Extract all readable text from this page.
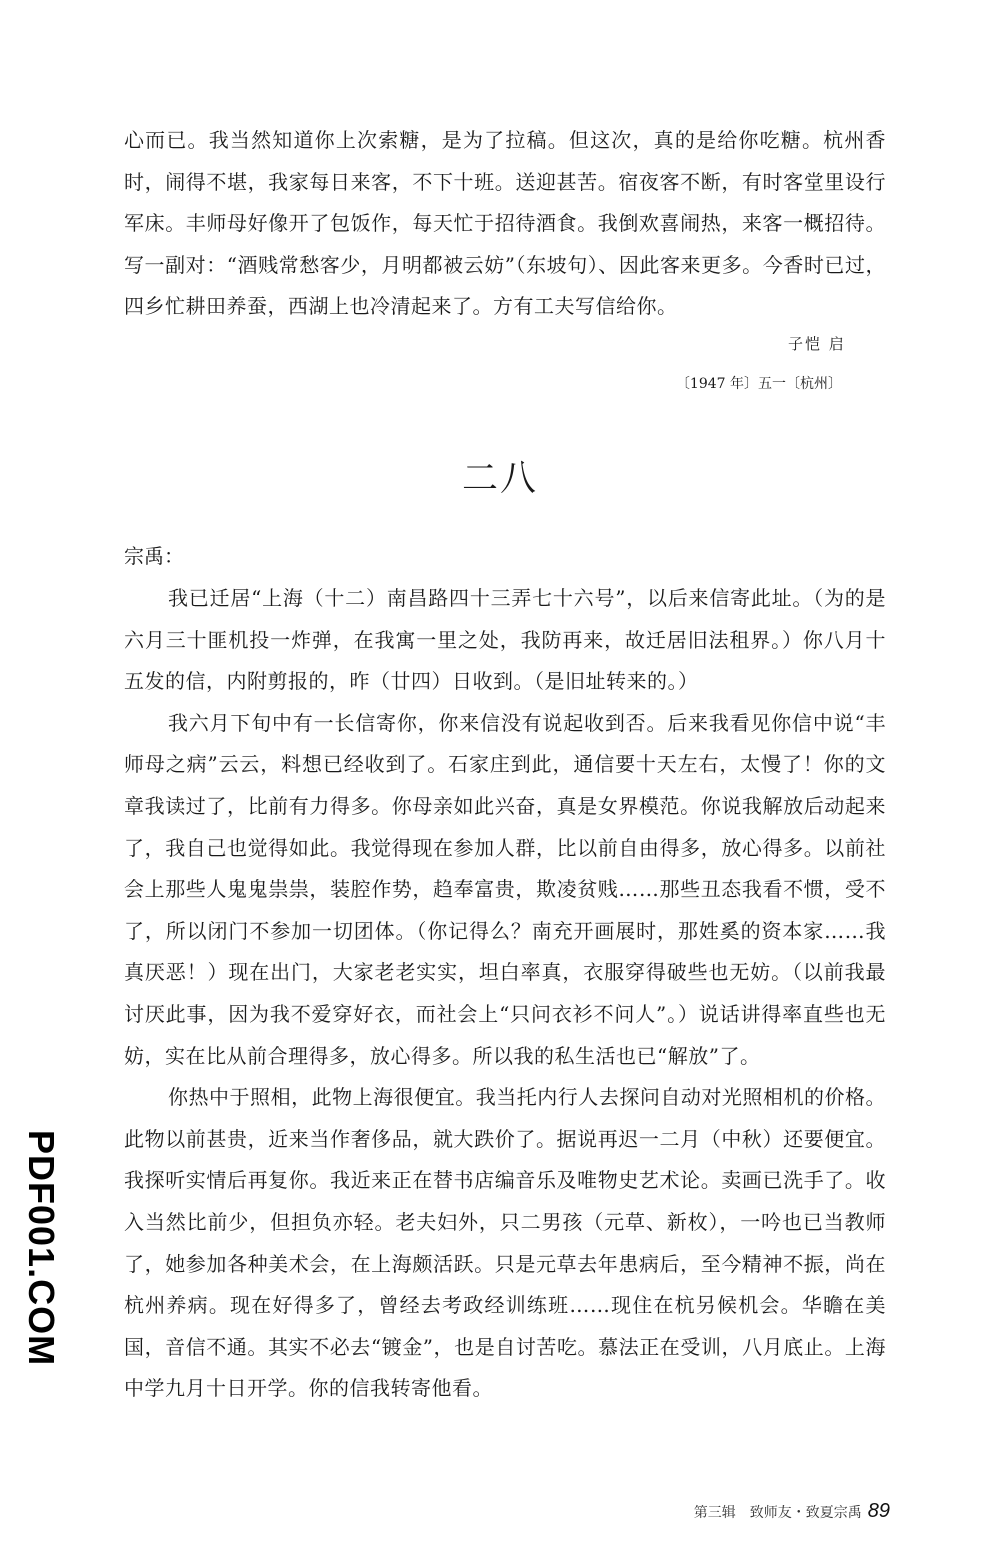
心而已。我当然知道你上次索糖，是为了拉稿。但这次，真的是给你吃糖。杭州香时，闹得不堪，我家每日来客，不下十班。送迎甚苦。宿夜客不断，有时客堂里设行军床。丰师母好像开了包饭作，每天忙于招待酒食。我倒欢喜闹热，来客一概招待。写一副对：“酒贱常愁客少，月明都被云妨”（东坡句）、因此客来更多。今香时已过，四乡忙耕田养蚕，西湖上也冷清起来了。方有工夫写信给你。
子恺 启
〔1947 年〕五一〔杭州〕
二八
宗禹：

我已迁居“上海（十二）南昌路四十三弄七十六号”，以后来信寄此址。（为的是六月三十匪机投一炸弹，在我寓一里之处，我防再来，故迁居旧法租界。）你八月十五发的信，内附剪报的，昨（廿四）日收到。（是旧址转来的。）

我六月下旬中有一长信寄你，你来信没有说起收到否。后来我看见你信中说“丰师母之病”云云，料想已经收到了。石家庄到此，通信要十天左右，太慢了！你的文章我读过了，比前有力得多。你母亲如此兴奋，真是女界模范。你说我解放后动起来了，我自己也觉得如此。我觉得现在参加人群，比以前自由得多，放心得多。以前社会上那些人鬼鬼祟祟，装腔作势，趋奉富贵，欺凌贫贱……那些丑态我看不惯，受不了，所以闭门不参加一切团体。（你记得么？南充开画展时，那姓奚的资本家……我真厌恶！）现在出门，大家老老实实，坦白率真，衣服穿得破些也无妨。（以前我最讨厌此事，因为我不爱穿好衣，而社会上“只问衣衫不问人”。）说话讲得率直些也无妨，实在比从前合理得多，放心得多。所以我的私生活也已“解放”了。

你热中于照相，此物上海很便宜。我当托内行人去探问自动对光照相机的价格。此物以前甚贵，近来当作奢侈品，就大跌价了。据说再迟一二月（中秋）还要便宜。我探听实情后再复你。我近来正在替书店编音乐及唯物史艺术论。卖画已洗手了。收入当然比前少，但担负亦轻。老夫妇外，只二男孩（元草、新枚），一吟也已当教师了，她参加各种美术会，在上海颇活跃。只是元草去年患病后，至今精神不振，尚在杭州养病。现在好得多了，曾经去考政经训练班……现住在杭另候机会。华瞻在美国，音信不通。其实不必去“镀金”，也是自讨苦吃。慕法正在受训，八月底止。上海中学九月十日开学。你的信我转寄他看。

PDF001.COM
第三辑　致师友・致夏宗禹 89
